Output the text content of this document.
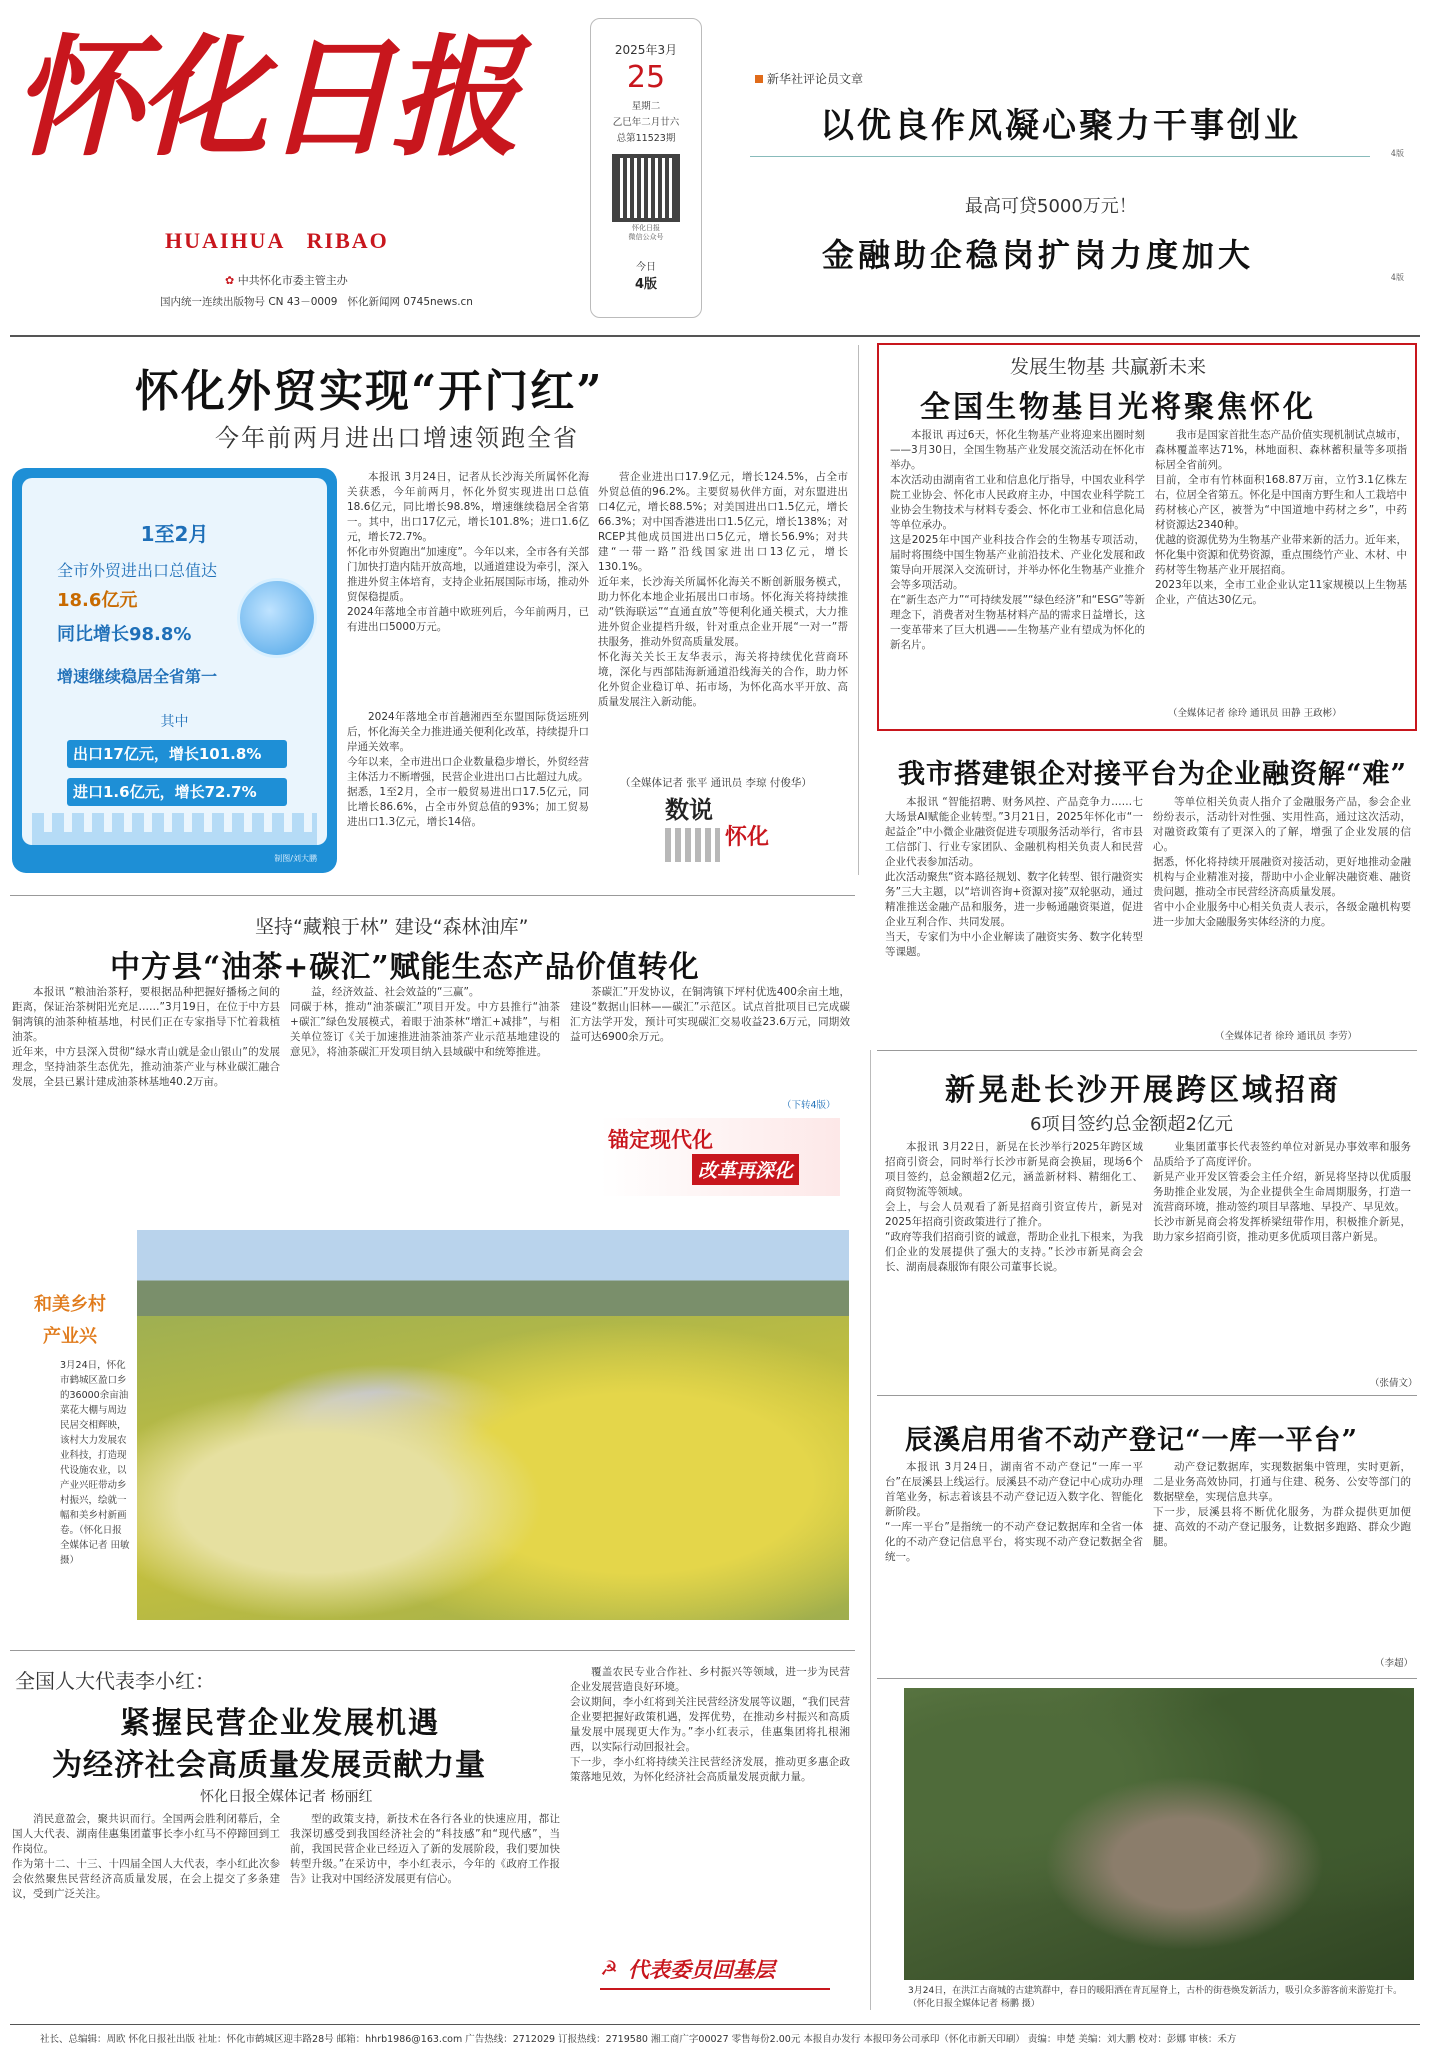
怀化日报
HUAIHUA   RIBAO
✿ 中共怀化市委主管主办
国内统一连续出版物号 CN 43－0009 怀化新闻网 0745news.cn
2025年3月
25
星期二
乙巳年二月廿六
总第11523期
怀化日报
微信公众号
今日
4版
新华社评论员文章
以优良作风凝心聚力干事创业
4版
最高可贷5000万元！
金融助企稳岗扩岗力度加大
4版
怀化外贸实现“开门红”
今年前两月进出口增速领跑全省
1至2月
全市外贸进出口总值达
18.6亿元
同比增长98.8%
增速继续稳居全省第一
其中
出口17亿元，增长101.8%
进口1.6亿元，增长72.7%
制图/刘大鹏
本报讯 3月24日，记者从长沙海关所属怀化海关获悉，今年前两月，怀化外贸实现进出口总值18.6亿元，同比增长98.8%，增速继续稳居全省第一。其中，出口17亿元，增长101.8%；进口1.6亿元，增长72.7%。
怀化市外贸跑出“加速度”。今年以来，全市各有关部门加快打造内陆开放高地，以通道建设为牵引，深入推进外贸主体培育，支持企业拓展国际市场，推动外贸保稳提质。
2024年落地全市首趟中欧班列后，今年前两月，已有进出口5000万元。
2024年落地全市首趟湘西至东盟国际货运班列后，怀化海关全力推进通关便利化改革，持续提升口岸通关效率。
今年以来，全市进出口企业数量稳步增长，外贸经营主体活力不断增强，民营企业进出口占比超过九成。
据悉，1至2月，全市一般贸易进出口17.5亿元，同比增长86.6%，占全市外贸总值的93%；加工贸易进出口1.3亿元，增长14倍。
营企业进出口17.9亿元，增长124.5%，占全市外贸总值的96.2%。主要贸易伙伴方面，对东盟进出口4亿元，增长88.5%；对美国进出口1.5亿元，增长66.3%；对中国香港进出口1.5亿元，增长138%；对RCEP其他成员国进出口5亿元，增长56.9%；对共建“一带一路”沿线国家进出口13亿元，增长130.1%。
近年来，长沙海关所属怀化海关不断创新服务模式，助力怀化本地企业拓展出口市场。怀化海关将持续推动“铁海联运”“直通直放”等便利化通关模式，大力推进外贸企业提档升级，针对重点企业开展“一对一”帮扶服务，推动外贸高质量发展。
怀化海关关长王友华表示，海关将持续优化营商环境，深化与西部陆海新通道沿线海关的合作，助力怀化外贸企业稳订单、拓市场，为怀化高水平开放、高质量发展注入新动能。
（全媒体记者 张平 通讯员 李琼 付俊华）
数说
怀化
发展生物基 共赢新未来
全国生物基目光将聚焦怀化
本报讯 再过6天，怀化生物基产业将迎来出圈时刻——3月30日，全国生物基产业发展交流活动在怀化市举办。
本次活动由湖南省工业和信息化厅指导，中国农业科学院工业协会、怀化市人民政府主办，中国农业科学院工业协会生物技术与材料专委会、怀化市工业和信息化局等单位承办。
这是2025年中国产业科技合作会的生物基专项活动，届时将围绕中国生物基产业前沿技术、产业化发展和政策导向开展深入交流研讨，并举办怀化生物基产业推介会等多项活动。
在“新生态产力”“可持续发展”“绿色经济”和“ESG”等新理念下，消费者对生物基材料产品的需求日益增长，这一变革带来了巨大机遇——生物基产业有望成为怀化的新名片。
我市是国家首批生态产品价值实现机制试点城市，森林覆盖率达71%，林地面积、森林蓄积量等多项指标居全省前列。
目前，全市有竹林面积168.87万亩，立竹3.1亿株左右，位居全省第五。怀化是中国南方野生和人工栽培中药材核心产区，被誉为“中国道地中药材之乡”，中药材资源达2340种。
优越的资源优势为生物基产业带来新的活力。近年来，怀化集中资源和优势资源，重点围绕竹产业、木材、中药材等生物基产业开展招商。
2023年以来，全市工业企业认定11家规模以上生物基企业，产值达30亿元。
（全媒体记者 徐玲 通讯员 田静 王政彬）
我市搭建银企对接平台为企业融资解“难”
本报讯 “智能招聘、财务风控、产品竞争力……七大场景AI赋能企业转型。”3月21日，2025年怀化市“一起益企”中小微企业融资促进专项服务活动举行，省市县工信部门、行业专家团队、金融机构相关负责人和民营企业代表参加活动。
此次活动聚焦“资本路径规划、数字化转型、银行融资实务”三大主题，以“培训咨询+资源对接”双轮驱动，通过精准推送金融产品和服务，进一步畅通融资渠道，促进企业互利合作、共同发展。
当天，专家们为中小企业解读了融资实务、数字化转型等课题。
等单位相关负责人指介了金融服务产品，参会企业纷纷表示，活动针对性强、实用性高，通过这次活动，对融资政策有了更深入的了解，增强了企业发展的信心。
据悉，怀化将持续开展融资对接活动，更好地推动金融机构与企业精准对接，帮助中小企业解决融资难、融资贵问题，推动全市民营经济高质量发展。
省中小企业服务中心相关负责人表示，各级金融机构要进一步加大金融服务实体经济的力度。
（全媒体记者 徐玲 通讯员 李劳）
新晃赴长沙开展跨区域招商
6项目签约总金额超2亿元
本报讯 3月22日，新晃在长沙举行2025年跨区域招商引资会，同时举行长沙市新晃商会换届，现场6个项目签约，总金额超2亿元，涵盖新材料、精细化工、商贸物流等领域。
会上，与会人员观看了新晃招商引资宣传片，新晃对2025年招商引资政策进行了推介。
“政府等我们招商引资的诚意，帮助企业扎下根来，为我们企业的发展提供了强大的支持。”长沙市新晃商会会长、湖南晨森服饰有限公司董事长说。
业集团董事长代表签约单位对新晃办事效率和服务品质给予了高度评价。
新晃产业开发区管委会主任介绍，新晃将坚持以优质服务助推企业发展，为企业提供全生命周期服务，打造一流营商环境，推动签约项目早落地、早投产、早见效。
长沙市新晃商会将发挥桥梁纽带作用，积极推介新晃，助力家乡招商引资，推动更多优质项目落户新晃。
（张倩文）
辰溪启用省不动产登记“一库一平台”
本报讯 3月24日，湖南省不动产登记“一库一平台”在辰溪县上线运行。辰溪县不动产登记中心成功办理首笔业务，标志着该县不动产登记迈入数字化、智能化新阶段。
“一库一平台”是指统一的不动产登记数据库和全省一体化的不动产登记信息平台，将实现不动产登记数据全省统一。
动产登记数据库，实现数据集中管理，实时更新，二是业务高效协同，打通与住建、税务、公安等部门的数据壁垒，实现信息共享。
下一步，辰溪县将不断优化服务，为群众提供更加便捷、高效的不动产登记服务，让数据多跑路、群众少跑腿。
（李超）
3月24日，在洪江古商城的古建筑群中，春日的暖阳洒在青瓦屋脊上，古朴的街巷焕发新活力，吸引众多游客前来游览打卡。（怀化日报全媒体记者 杨鹏 摄）
坚持“藏粮于林” 建设“森林油库”
中方县“油茶+碳汇”赋能生态产品价值转化
本报讯 “粮油治茶籽，要根据品种把握好播杨之间的距离，保证治茶树阳光充足……”3月19日，在位于中方县铜湾镇的油茶种植基地，村民们正在专家指导下忙着栽植油茶。
近年来，中方县深入贯彻“绿水青山就是金山银山”的发展理念，坚持油茶生态优先，推动油茶产业与林业碳汇融合发展，全县已累计建成油茶林基地40.2万亩。
益，经济效益、社会效益的“三赢”。
同碳于林，推动“油茶碳汇”项目开发。中方县推行“油茶+碳汇”绿色发展模式，着眼于油茶林“增汇+减排”，与相关单位签订《关于加速推进油茶油茶产业示范基地建设的意见》，将油茶碳汇开发项目纳入县域碳中和统筹推进。
茶碳汇”开发协议，在铜湾镇下坪村优选400余亩土地，建设“数据山旧林——碳汇”示范区。试点首批项目已完成碳汇方法学开发，预计可实现碳汇交易收益23.6万元，同期效益可达6900余万元。
（下转4版）
锚定现代化
改革再深化
和美乡村
产业兴
3月24日，怀化市鹤城区盈口乡的36000余亩油菜花大棚与周边民居交相辉映，该村大力发展农业科技，打造现代设施农业，以产业兴旺带动乡村振兴，绘就一幅和美乡村新画卷。（怀化日报全媒体记者 田敏 摄）
全国人大代表李小红：
紧握民营企业发展机遇
为经济社会高质量发展贡献力量
怀化日报全媒体记者 杨丽红
消民意盈会，聚共识而行。全国两会胜利闭幕后，全国人大代表、湖南佳惠集团董事长李小红马不停蹄回到工作岗位。
作为第十二、十三、十四届全国人大代表，李小红此次参会依然聚焦民营经济高质量发展，在会上提交了多条建议，受到广泛关注。
型的政策支持，新技术在各行各业的快速应用，都让我深切感受到我国经济社会的“科技感”和“现代感”，当前，我国民营企业已经迈入了新的发展阶段，我们要加快转型升级。”在采访中，李小红表示，今年的《政府工作报告》让我对中国经济发展更有信心。
覆盖农民专业合作社、乡村振兴等领域，进一步为民营企业发展营造良好环境。
会议期间，李小红将到关注民营经济发展等议题，“我们民营企业要把握好政策机遇，发挥优势，在推动乡村振兴和高质量发展中展现更大作为。”李小红表示，佳惠集团将扎根湘西，以实际行动回报社会。
下一步，李小红将持续关注民营经济发展，推动更多惠企政策落地见效，为怀化经济社会高质量发展贡献力量。
☭ 代表委员回基层
社长、总编辑：周欧 怀化日报社出版 社址：怀化市鹤城区迎丰路28号 邮箱：hhrb1986@163.com 广告热线：2712029 订报热线：2719580 湘工商广字00027 零售每份2.00元 本报自办发行 本报印务公司承印（怀化市新天印刷） 责编：申楚 美编：刘大鹏 校对：彭娜 审核：禾方
